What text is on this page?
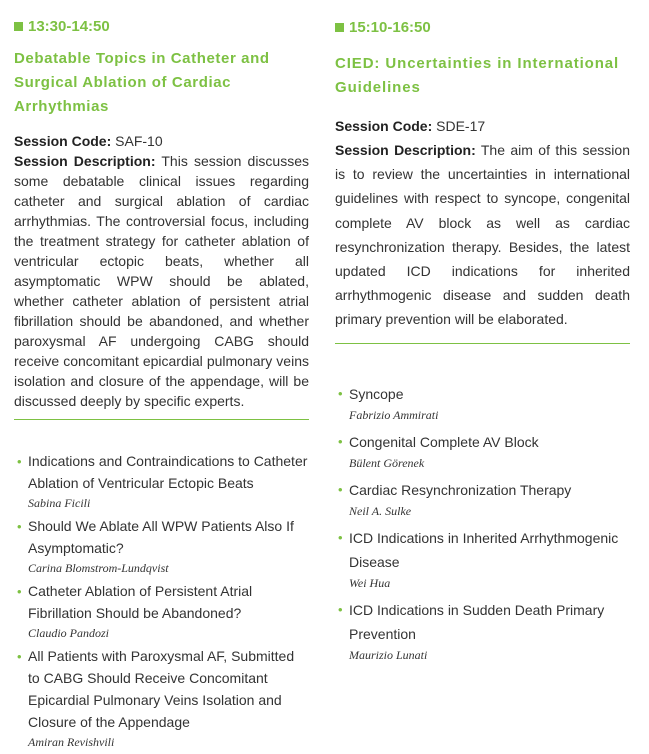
13:30-14:50
Debatable Topics in Catheter and Surgical Ablation of Cardiac Arrhythmias
Session Code: SAF-10
Session Description: This session discusses some debatable clinical issues regarding catheter and surgical ablation of cardiac arrhythmias. The controversial focus, including the treatment strategy for catheter ablation of ventricular ectopic beats, whether all asymptomatic WPW should be ablated, whether catheter ablation of persistent atrial fibrillation should be abandoned, and whether paroxysmal AF undergoing CABG should receive concomitant epicardial pulmonary veins isolation and closure of the appendage, will be discussed deeply by specific experts.
• Indications and Contraindications to Catheter Ablation of Ventricular Ectopic Beats
Sabina Ficili
• Should We Ablate All WPW Patients Also If Asymptomatic?
Carina Blomstrom-Lundqvist
• Catheter Ablation of Persistent Atrial Fibrillation Should be Abandoned?
Claudio Pandozi
• All Patients with Paroxysmal AF, Submitted to CABG Should Receive Concomitant Epicardial Pulmonary Veins Isolation and Closure of the Appendage
Amiran Revishvili
15:10-16:50
CIED: Uncertainties in International Guidelines
Session Code: SDE-17
Session Description: The aim of this session is to review the uncertainties in international guidelines with respect to syncope, congenital complete AV block as well as cardiac resynchronization therapy. Besides, the latest updated ICD indications for inherited arrhythmogenic disease and sudden death primary prevention will be elaborated.
• Syncope
Fabrizio Ammirati
• Congenital Complete AV Block
Bülent Görenek
• Cardiac Resynchronization Therapy
Neil A. Sulke
• ICD Indications in Inherited Arrhythmogenic Disease
Wei Hua
• ICD Indications in Sudden Death Primary Prevention
Maurizio Lunati
